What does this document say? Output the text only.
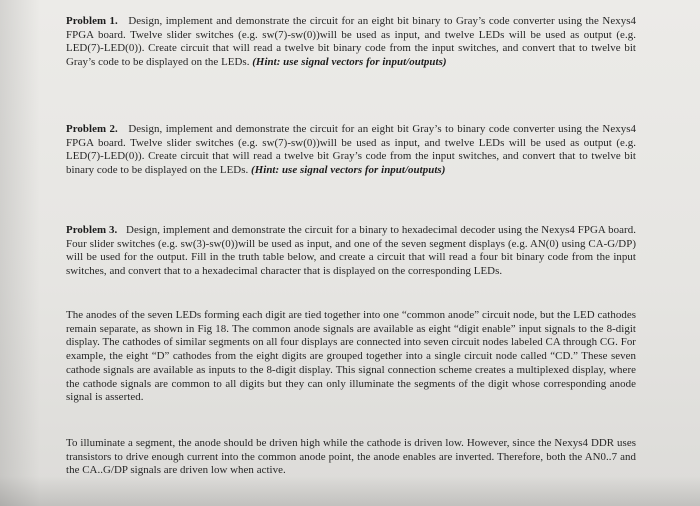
Problem 1. Design, implement and demonstrate the circuit for an eight bit binary to Gray’s code converter using the Nexys4 FPGA board. Twelve slider switches (e.g. sw(7)-sw(0))will be used as input, and twelve LEDs will be used as output (e.g. LED(7)-LED(0)). Create circuit that will read a twelve bit binary code from the input switches, and convert that to twelve bit Gray’s code to be displayed on the LEDs. (Hint: use signal vectors for input/outputs)
Problem 2. Design, implement and demonstrate the circuit for an eight bit Gray’s to binary code converter using the Nexys4 FPGA board. Twelve slider switches (e.g. sw(7)-sw(0))will be used as input, and twelve LEDs will be used as output (e.g. LED(7)-LED(0)). Create circuit that will read a twelve bit Gray’s code from the input switches, and convert that to twelve bit binary code to be displayed on the LEDs. (Hint: use signal vectors for input/outputs)
Problem 3. Design, implement and demonstrate the circuit for a binary to hexadecimal decoder using the Nexys4 FPGA board. Four slider switches (e.g. sw(3)-sw(0))will be used as input, and one of the seven segment displays (e.g. AN(0) using CA-G/DP) will be used for the output. Fill in the truth table below, and create a circuit that will read a four bit binary code from the input switches, and convert that to a hexadecimal character that is displayed on the corresponding LEDs.
The anodes of the seven LEDs forming each digit are tied together into one “common anode” circuit node, but the LED cathodes remain separate, as shown in Fig 18. The common anode signals are available as eight “digit enable” input signals to the 8-digit display. The cathodes of similar segments on all four displays are connected into seven circuit nodes labeled CA through CG. For example, the eight “D” cathodes from the eight digits are grouped together into a single circuit node called “CD.” These seven cathode signals are available as inputs to the 8-digit display. This signal connection scheme creates a multiplexed display, where the cathode signals are common to all digits but they can only illuminate the segments of the digit whose corresponding anode signal is asserted.
To illuminate a segment, the anode should be driven high while the cathode is driven low. However, since the Nexys4 DDR uses transistors to drive enough current into the common anode point, the anode enables are inverted. Therefore, both the AN0..7 and the CA..G/DP signals are driven low when active.
